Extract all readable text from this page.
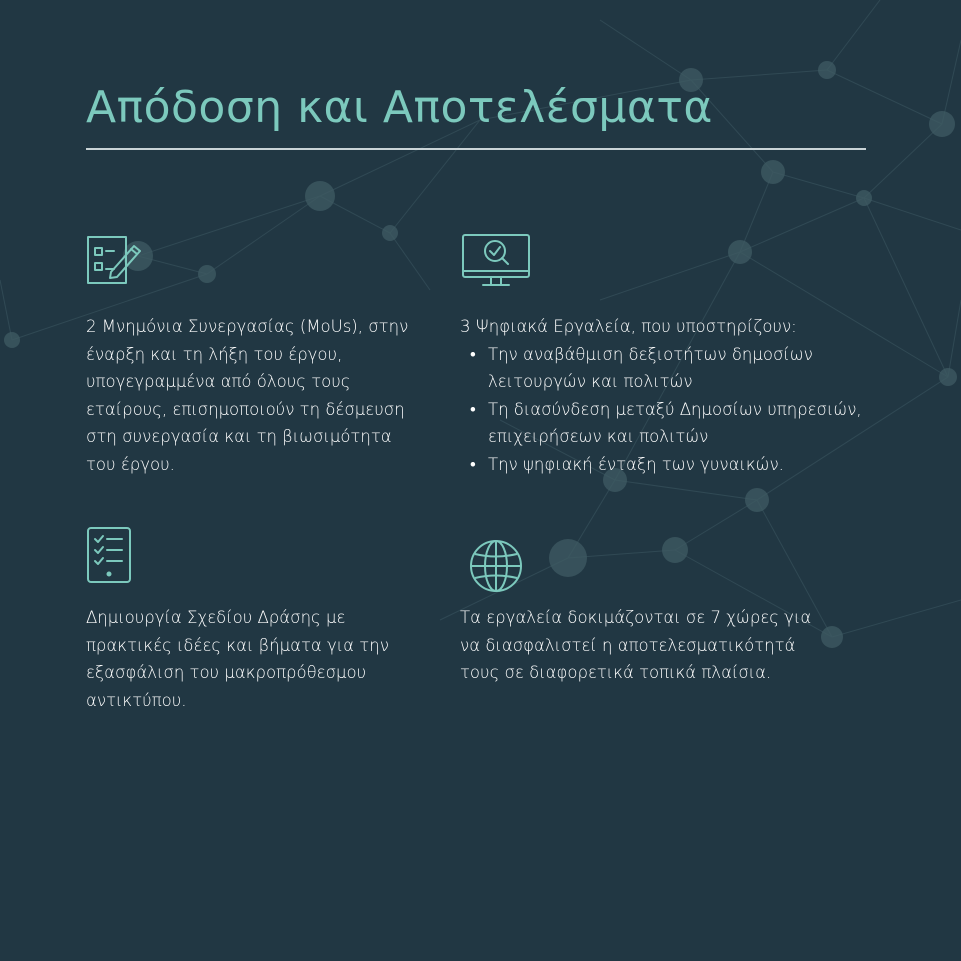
Απόδοση και Αποτελέσματα

2 Μνημόνια Συνεργασίας (MoUs), στην έναρξη και τη λήξη του έργου, υπογεγραμμένα από όλους τους εταίρους, επισημοποιούν τη δέσμευση στη συνεργασία και τη βιωσιμότητα του έργου.

3 Ψηφιακά Εργαλεία, που υποστηρίζουν:

• Την αναβάθμιση δεξιοτήτων δημοσίων λειτουργών και πολιτών
• Τη διασύνδεση μεταξύ Δημοσίων υπηρεσιών, επιχειρήσεων και πολιτών
• Την ψηφιακή ένταξη των γυναικών.

Δημιουργία Σχεδίου Δράσης με πρακτικές ιδέες και βήματα για την εξασφάλιση του μακροπρόθεσμου αντικτύπου.

Τα εργαλεία δοκιμάζονται σε 7 χώρες για να διασφαλιστεί η αποτελεσματικότητά τους σε διαφορετικά τοπικά πλαίσια.
